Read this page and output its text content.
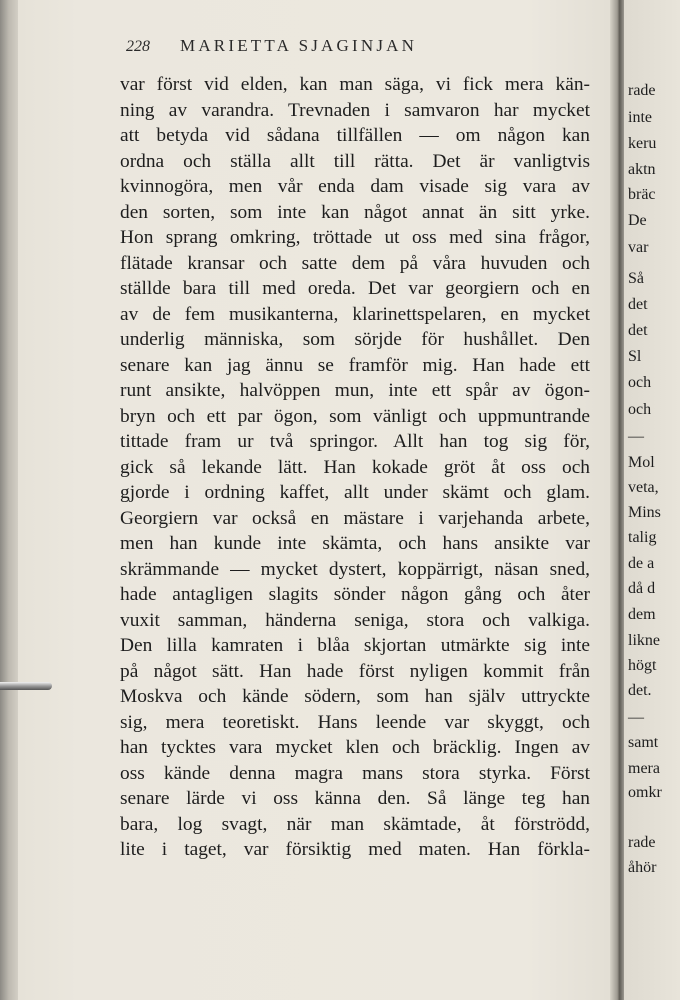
228 MARIETTA SJAGINJAN
var först vid elden, kan man säga, vi fick mera kän-
ning av varandra. Trevnaden i samvaron har mycket
att betyda vid sådana tillfällen — om någon kan
ordna och ställa allt till rätta. Det är vanligtvis
kvinnogöra, men vår enda dam visade sig vara av
den sorten, som inte kan något annat än sitt yrke.
Hon sprang omkring, tröttade ut oss med sina frågor,
flätade kransar och satte dem på våra huvuden och
ställde bara till med oreda. Det var georgiern och en
av de fem musikanterna, klarinettspelaren, en mycket
underlig människa, som sörjde för hushållet. Den
senare kan jag ännu se framför mig. Han hade ett
runt ansikte, halvöppen mun, inte ett spår av ögon-
bryn och ett par ögon, som vänligt och uppmuntrande
tittade fram ur två springor. Allt han tog sig för,
gick så lekande lätt. Han kokade gröt åt oss och
gjorde i ordning kaffet, allt under skämt och glam.
Georgiern var också en mästare i varjehanda arbete,
men han kunde inte skämta, och hans ansikte var
skrämmande — mycket dystert, koppärrigt, näsan sned,
hade antagligen slagits sönder någon gång och åter
vuxit samman, händerna seniga, stora och valkiga.
Den lilla kamraten i blåa skjortan utmärkte sig inte
på något sätt. Han hade först nyligen kommit från
Moskva och kände södern, som han själv uttryckte
sig, mera teoretiskt. Hans leende var skyggt, och
han tycktes vara mycket klen och bräcklig. Ingen av
oss kände denna magra mans stora styrka. Först
senare lärde vi oss känna den. Så länge teg han
bara, log svagt, när man skämtade, åt förströdd,
lite i taget, var försiktig med maten. Han förkla-
rade
inte
keru
aktn
bräc
De
var
Så
det
det
Sl
och
och
—
Mol
veta,
Mins
talig
de a
då d
dem
likne
högt
det.
—
samt
mera
omkr
rade
åhör
